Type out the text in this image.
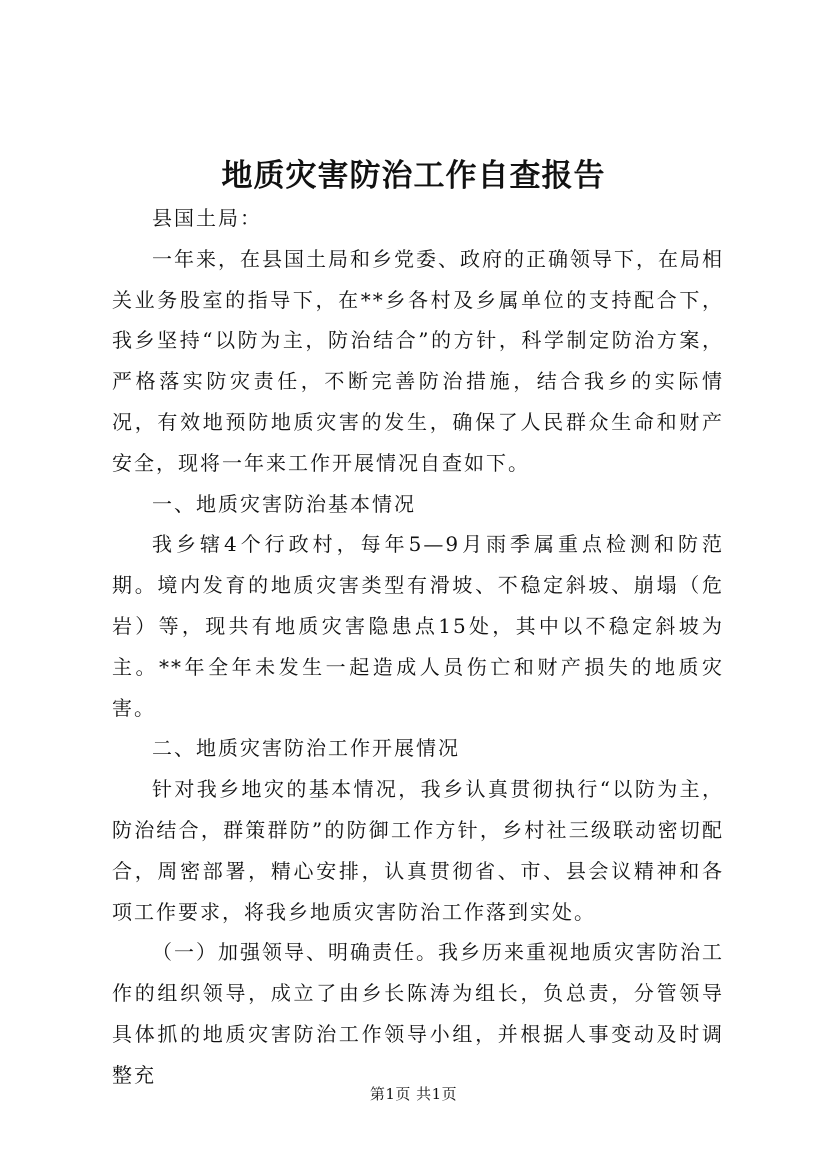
地质灾害防治工作自查报告

县国土局：

一年来，在县国土局和乡党委、政府的正确领导下，在局相关业务股室的指导下，在**乡各村及乡属单位的支持配合下，我乡坚持“以防为主，防治结合”的方针，科学制定防治方案，严格落实防灾责任，不断完善防治措施，结合我乡的实际情况，有效地预防地质灾害的发生，确保了人民群众生命和财产安全，现将一年来工作开展情况自查如下。

一、地质灾害防治基本情况

我乡辖4个行政村，每年5—9月雨季属重点检测和防范期。境内发育的地质灾害类型有滑坡、不稳定斜坡、崩塌（危岩）等，现共有地质灾害隐患点15处，其中以不稳定斜坡为主。**年全年未发生一起造成人员伤亡和财产损失的地质灾害。

二、地质灾害防治工作开展情况

针对我乡地灾的基本情况，我乡认真贯彻执行“以防为主，防治结合，群策群防”的防御工作方针，乡村社三级联动密切配合，周密部署，精心安排，认真贯彻省、市、县会议精神和各项工作要求，将我乡地质灾害防治工作落到实处。

（一）加强领导、明确责任。我乡历来重视地质灾害防治工作的组织领导，成立了由乡长陈涛为组长，负总责，分管领导具体抓的地质灾害防治工作领导小组，并根据人事变动及时调整充

第1页 共1页
